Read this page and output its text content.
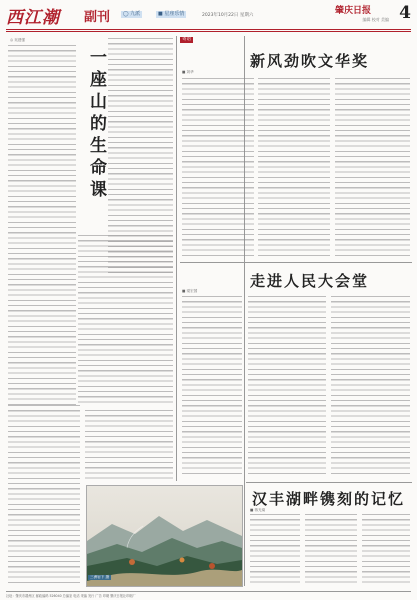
西江潮 副刊	◯ 九派	■ 星座乐情	2023年10月22日 星期六	肇庆日报
编辑 校对 美编 4
◎ 吴建强
一座山的生命课
三洲岩下 摄
寄语
新风劲吹文华奖
■ 刘华
走进人民大会堂
■ 梁宏国
汉丰湖畔镌刻的记忆
■ 蒋光菊
社址：肇庆市端州区 邮政编码 526040 总编室 电话 采编 发行 广告 印刷 肇庆日报社印刷厂
